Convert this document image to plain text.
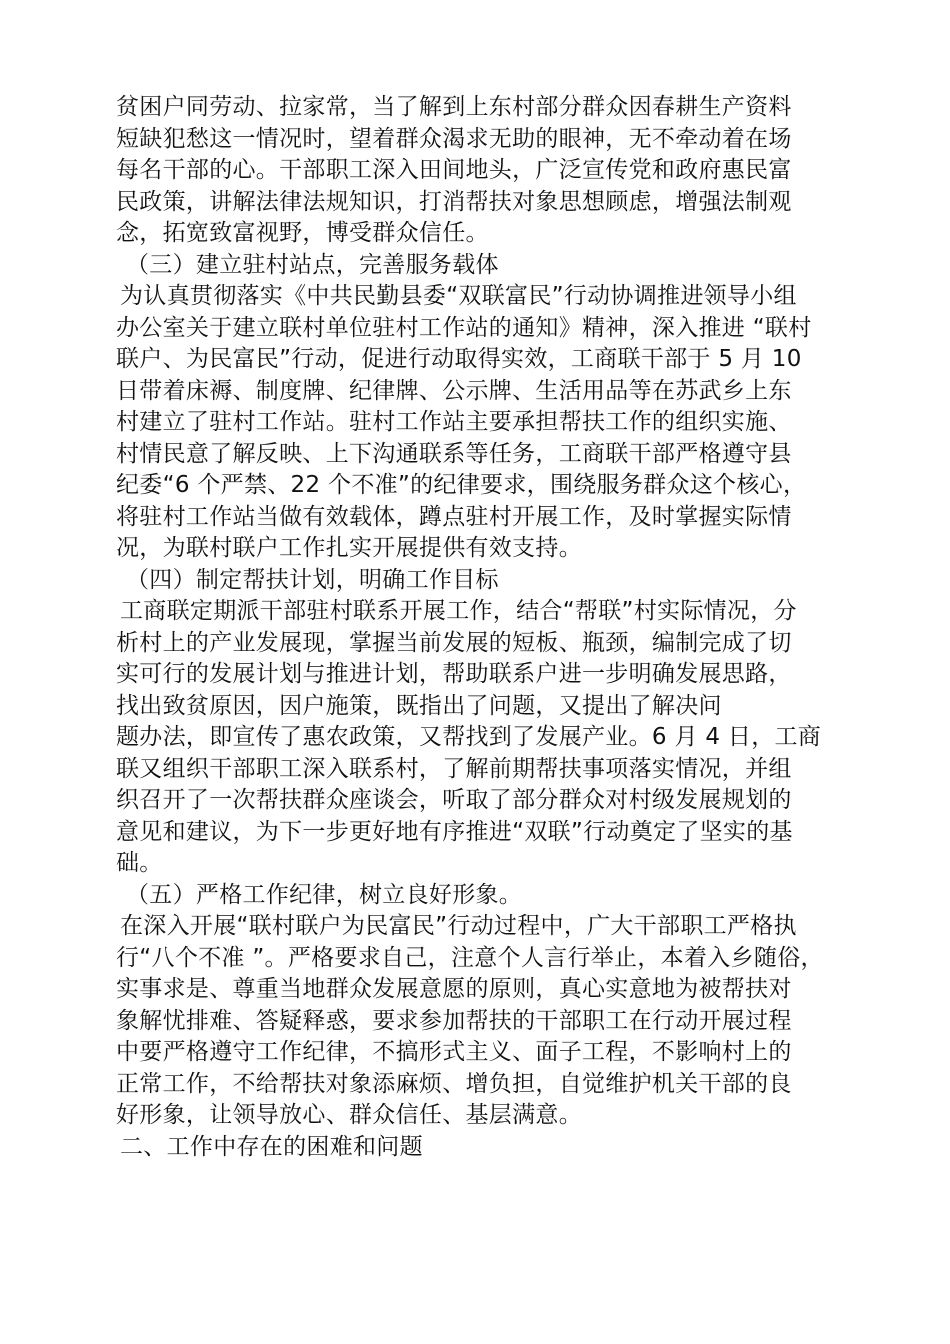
贫困户同劳动、拉家常，当了解到上东村部分群众因春耕生产资料
短缺犯愁这一情况时，望着群众渴求无助的眼神，无不牵动着在场
每名干部的心。干部职工深入田间地头，广泛宣传党和政府惠民富
民政策，讲解法律法规知识，打消帮扶对象思想顾虑，增强法制观
念，拓宽致富视野，博受群众信任。
（三）建立驻村站点，完善服务载体
为认真贯彻落实《中共民勤县委“双联富民”行动协调推进领导小组
办公室关于建立联村单位驻村工作站的通知》精神，深入推进 “联村
联户、为民富民”行动，促进行动取得实效，工商联干部于 5 月 10
日带着床褥、制度牌、纪律牌、公示牌、生活用品等在苏武乡上东
村建立了驻村工作站。驻村工作站主要承担帮扶工作的组织实施、
村情民意了解反映、上下沟通联系等任务，工商联干部严格遵守县
纪委“6 个严禁、22 个不准”的纪律要求，围绕服务群众这个核心，
将驻村工作站当做有效载体，蹲点驻村开展工作，及时掌握实际情
况，为联村联户工作扎实开展提供有效支持。
（四）制定帮扶计划，明确工作目标
工商联定期派干部驻村联系开展工作，结合“帮联”村实际情况，分
析村上的产业发展现，掌握当前发展的短板、瓶颈，编制完成了切
实可行的发展计划与推进计划，帮助联系户进一步明确发展思路，
找出致贫原因，因户施策，既指出了问题，又提出了解决问
题办法，即宣传了惠农政策，又帮找到了发展产业。6 月 4 日，工商
联又组织干部职工深入联系村，了解前期帮扶事项落实情况，并组
织召开了一次帮扶群众座谈会，听取了部分群众对村级发展规划的
意见和建议，为下一步更好地有序推进“双联”行动奠定了坚实的基
础。
（五）严格工作纪律，树立良好形象。
在深入开展“联村联户为民富民”行动过程中，广大干部职工严格执
行“八个不准 ”。严格要求自己，注意个人言行举止，本着入乡随俗，
实事求是、尊重当地群众发展意愿的原则，真心实意地为被帮扶对
象解忧排难、答疑释惑，要求参加帮扶的干部职工在行动开展过程
中要严格遵守工作纪律，不搞形式主义、面子工程，不影响村上的
正常工作，不给帮扶对象添麻烦、增负担，自觉维护机关干部的良
好形象，让领导放心、群众信任、基层满意。
二、工作中存在的困难和问题
